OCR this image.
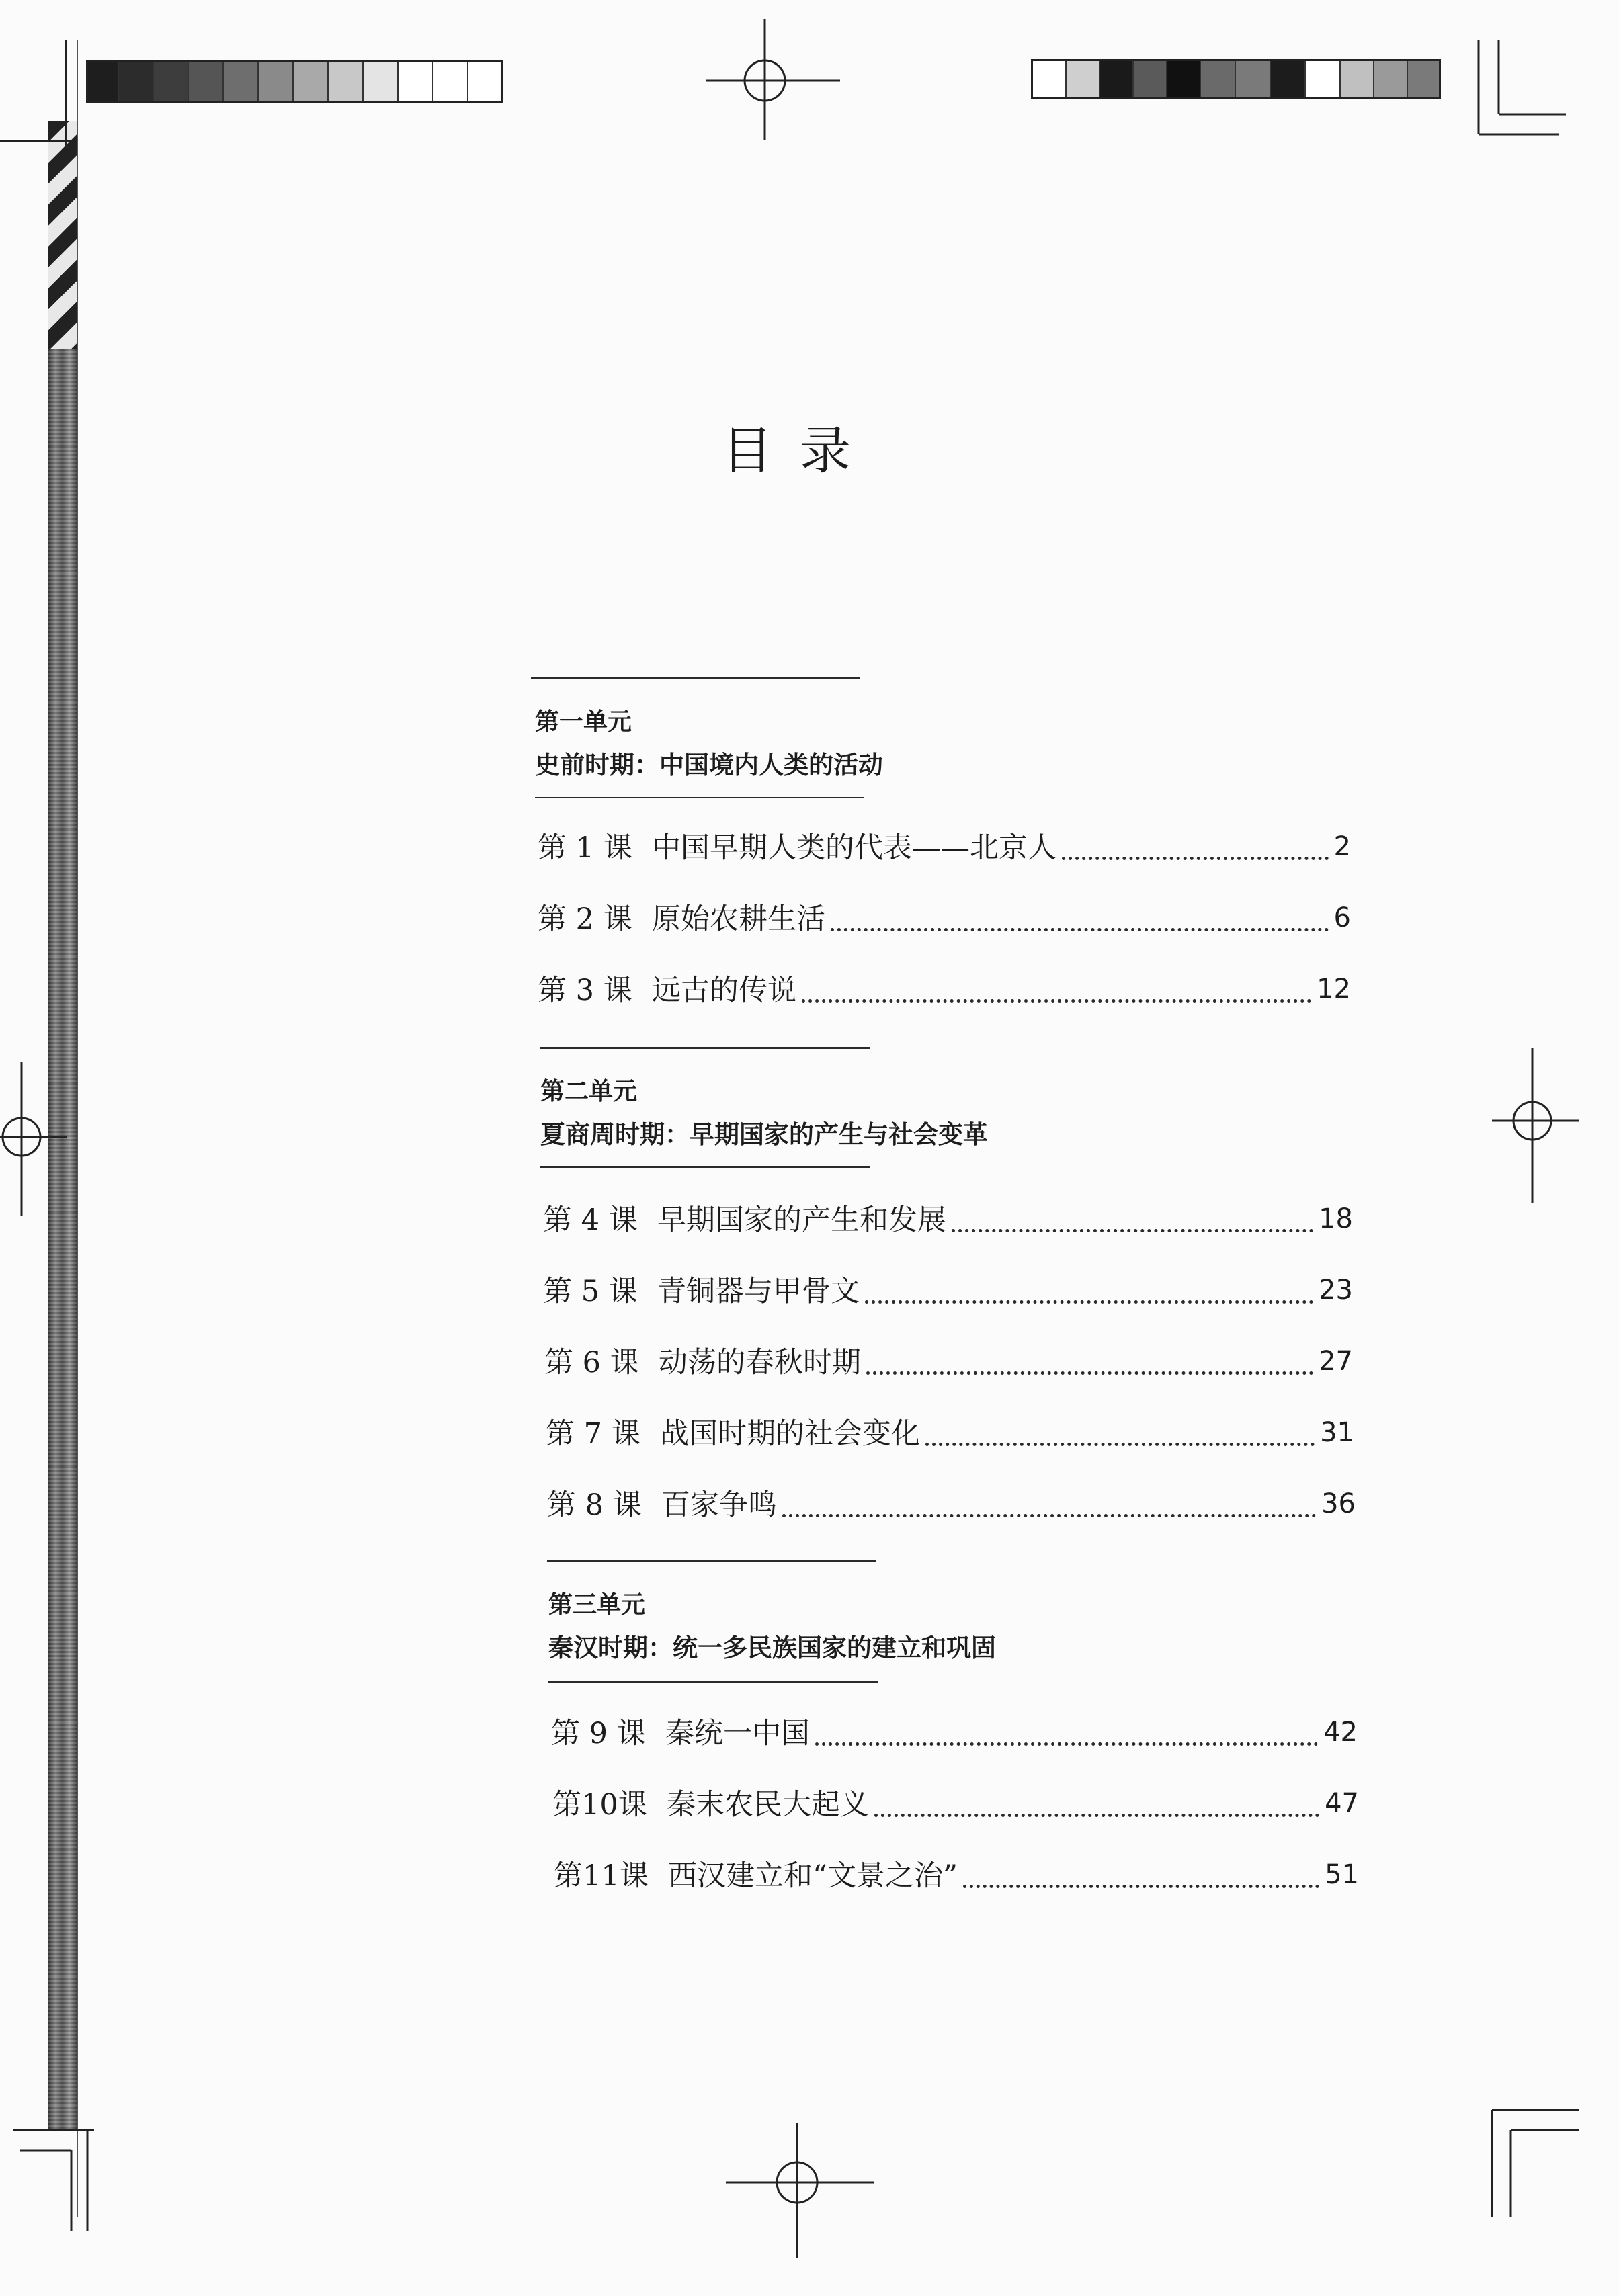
目录
第一单元
史前时期：中国境内人类的活动
第 1 课 中国早期人类的代表——北京人	2
第 2 课 原始农耕生活	6
第 3 课 远古的传说	12
第二单元
夏商周时期：早期国家的产生与社会变革
第 4 课 早期国家的产生和发展	18
第 5 课 青铜器与甲骨文	23
第 6 课 动荡的春秋时期	27
第 7 课 战国时期的社会变化	31
第 8 课 百家争鸣	36
第三单元
秦汉时期：统一多民族国家的建立和巩固
第 9 课 秦统一中国	42
第10课 秦末农民大起义	47
第11课 西汉建立和“文景之治”	51
